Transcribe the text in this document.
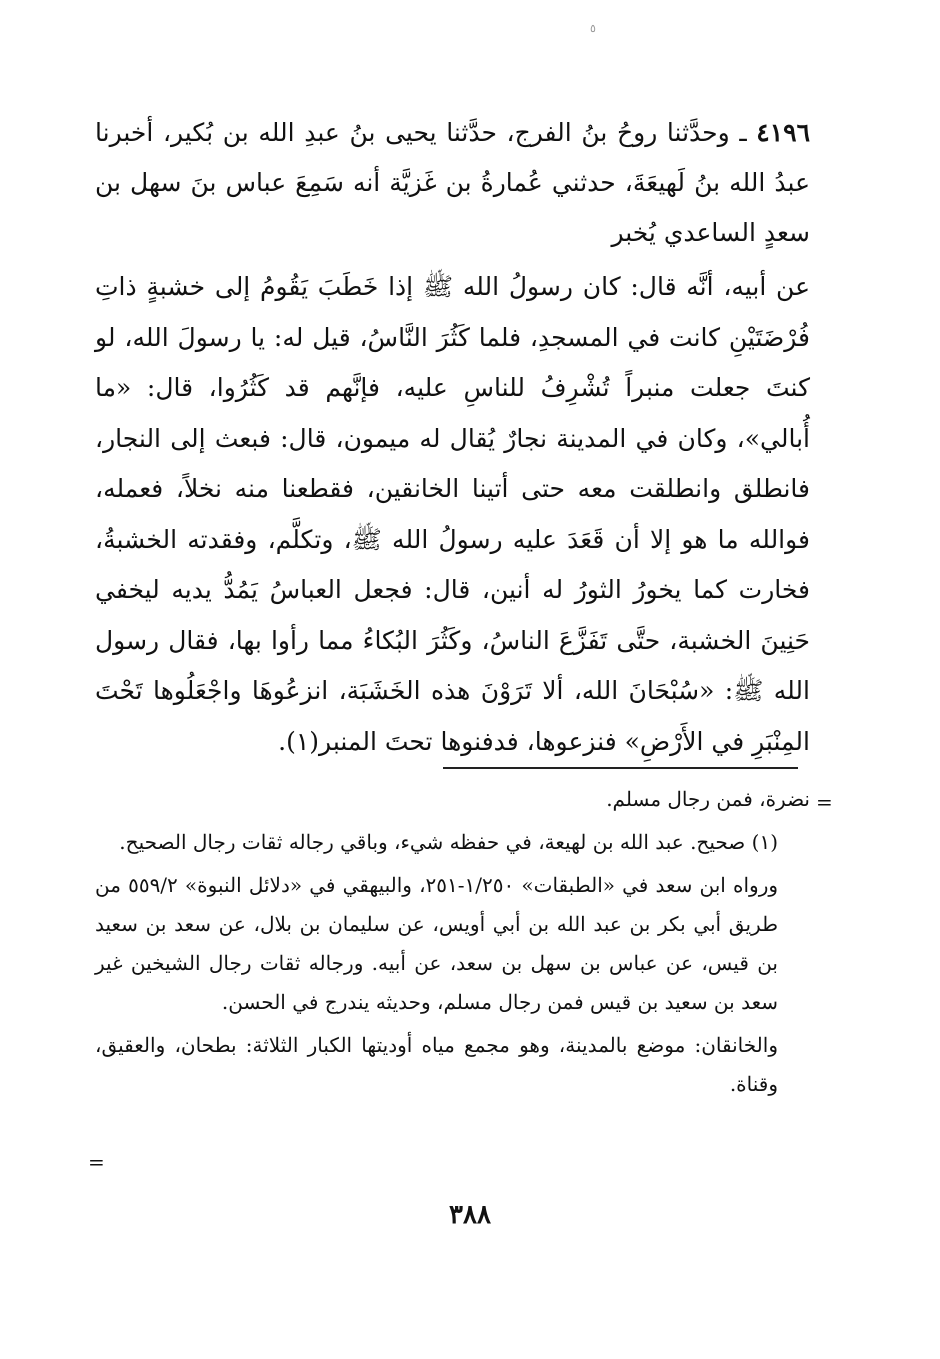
٥
٤١٩٦ ـ وحدَّثنا روحُ بنُ الفرج، حدَّثنا يحيى بنُ عبدِ الله بن بُكير، أخبرنا عبدُ الله بنُ لَهيعَةَ، حدثني عُمارةُ بن غَزيَّة أنه سَمِعَ عباس بنَ سهل بن سعدٍ الساعدي يُخبر
عن أبيه، أنَّه قال: كان رسولُ الله ﷺ إذا خَطَبَ يَقُومُ إلى خشبةٍ ذاتِ فُرْضَتَيْنِ كانت في المسجدِ، فلما كَثُرَ النَّاسُ، قيل له: يا رسولَ الله، لو كنتَ جعلت منبراً تُشْرِفُ للناسِ عليه، فإنَّهم قد كَثُرُوا، قال: «ما أُبالي»، وكان في المدينة نجارٌ يُقال له ميمون، قال: فبعث إلى النجار، فانطلق وانطلقت معه حتى أتينا الخانقين، فقطعنا منه نخلاً، فعمله، فوالله ما هو إلا أن قَعَدَ عليه رسولُ الله ﷺ، وتكلَّم، وفقدته الخشبةُ، فخارت كما يخورُ الثورُ له أنين، قال: فجعل العباسُ يَمُدُّ يديه ليخفي حَنِينَ الخشبة، حتَّى تَفَزَّعَ الناسُ، وكَثُرَ البُكاءُ مما رأوا بها، فقال رسول الله ﷺ: «سُبْحَانَ الله، ألا تَرَوْنَ هذه الخَشَبَة، انزعُوهَا واجْعَلُوها تَحْتَ المِنْبَرِ في الأَرْضِ» فنزعوها، فدفنوها تحتَ المنبر(١).
=

نضرة، فمن رجال مسلم.

(١) صحيح. عبد الله بن لهيعة، في حفظه شيء، وباقي رجاله ثقات رجال الصحيح.

ورواه ابن سعد في «الطبقات» ١/٢٥٠-٢٥١، والبيهقي في «دلائل النبوة» ٥٥٩/٢ من طريق أبي بكر بن عبد الله بن أبي أويس، عن سليمان بن بلال، عن سعد بن سعيد بن قيس، عن عباس بن سهل بن سعد، عن أبيه. ورجاله ثقات رجال الشيخين غير سعد بن سعيد بن قيس فمن رجال مسلم، وحديثه يندرج في الحسن.

والخانقان: موضع بالمدينة، وهو مجمع مياه أوديتها الكبار الثلاثة: بطحان، والعقيق، وقناة.

=
٣٨٨
